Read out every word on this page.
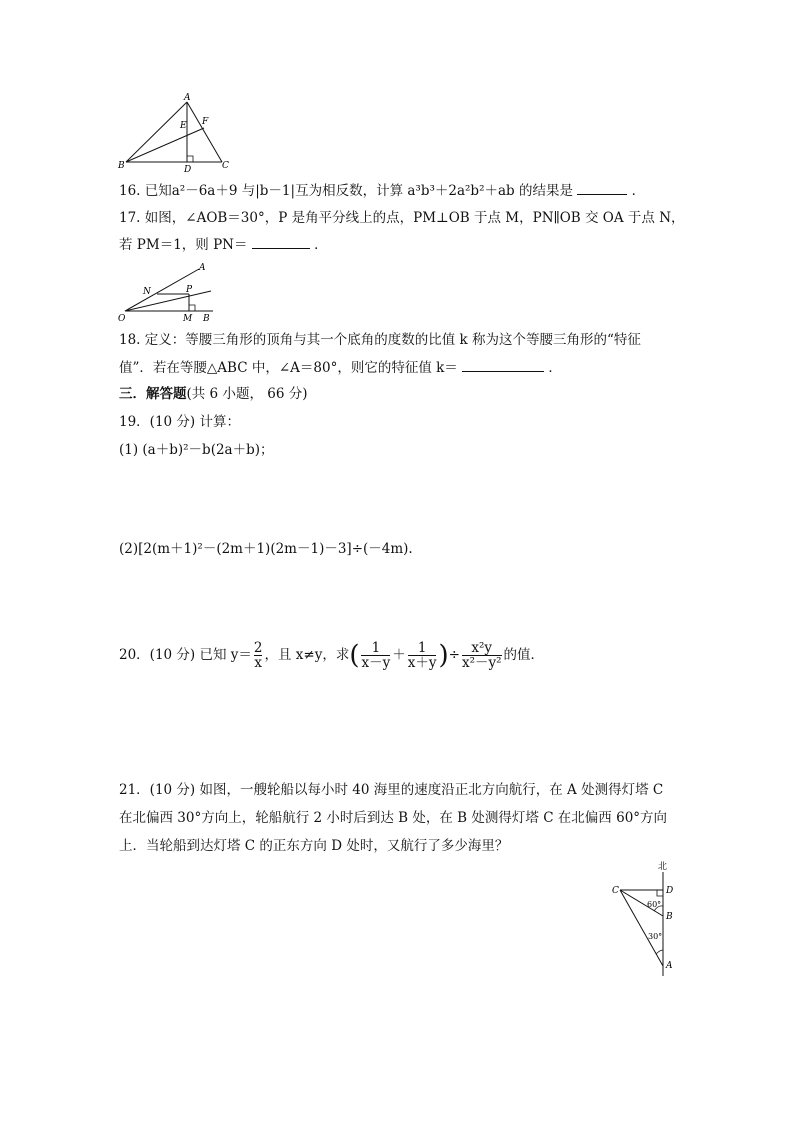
A
E F
B	D	C
16. 已知a²－6a＋9 与|b－1|互为相反数，计算 a³b³＋2a²b²＋ab 的结果是	．
17. 如图，∠AOB＝30°，P 是角平分线上的点，PM⊥OB 于点 M，PN∥OB 交 OA 于点 N，
若 PM＝1，则 PN＝	．
A
N	P
O	M B
18. 定义：等腰三角形的顶角与其一个底角的度数的比值 k 称为这个等腰三角形的“特征
值”．若在等腰△ABC 中，∠A＝80°，则它的特征值 k＝	．
三．解答题(共 6 小题， 66 分)
19．(10 分) 计算：
(1) (a＋b)²－b(2a＋b)；
(2)[2(m＋1)²－(2m＋1)(2m－1)－3]÷(－4m).
20．(10 分) 已知 $y= \frac{2}{x}$ ，且 x≠y，求( $\frac{1}{x-y} + \frac{1}{x+y}$ )÷ $\frac{\text{x²y}}{\text{x²－y²}}$ 的值．
21．(10 分) 如图，一艘轮船以每小时 40 海里的速度沿正北方向航行，在 A 处测得灯塔 C
在北偏西 30°方向上，轮船航行 2 小时后到达 B 处，在 B 处测得灯塔 C 在北偏西 60°方向
上．当轮船到达灯塔 C 的正东方向 D 处时，又航行了多少海里？
北
C	D
60°
B
30°
A
